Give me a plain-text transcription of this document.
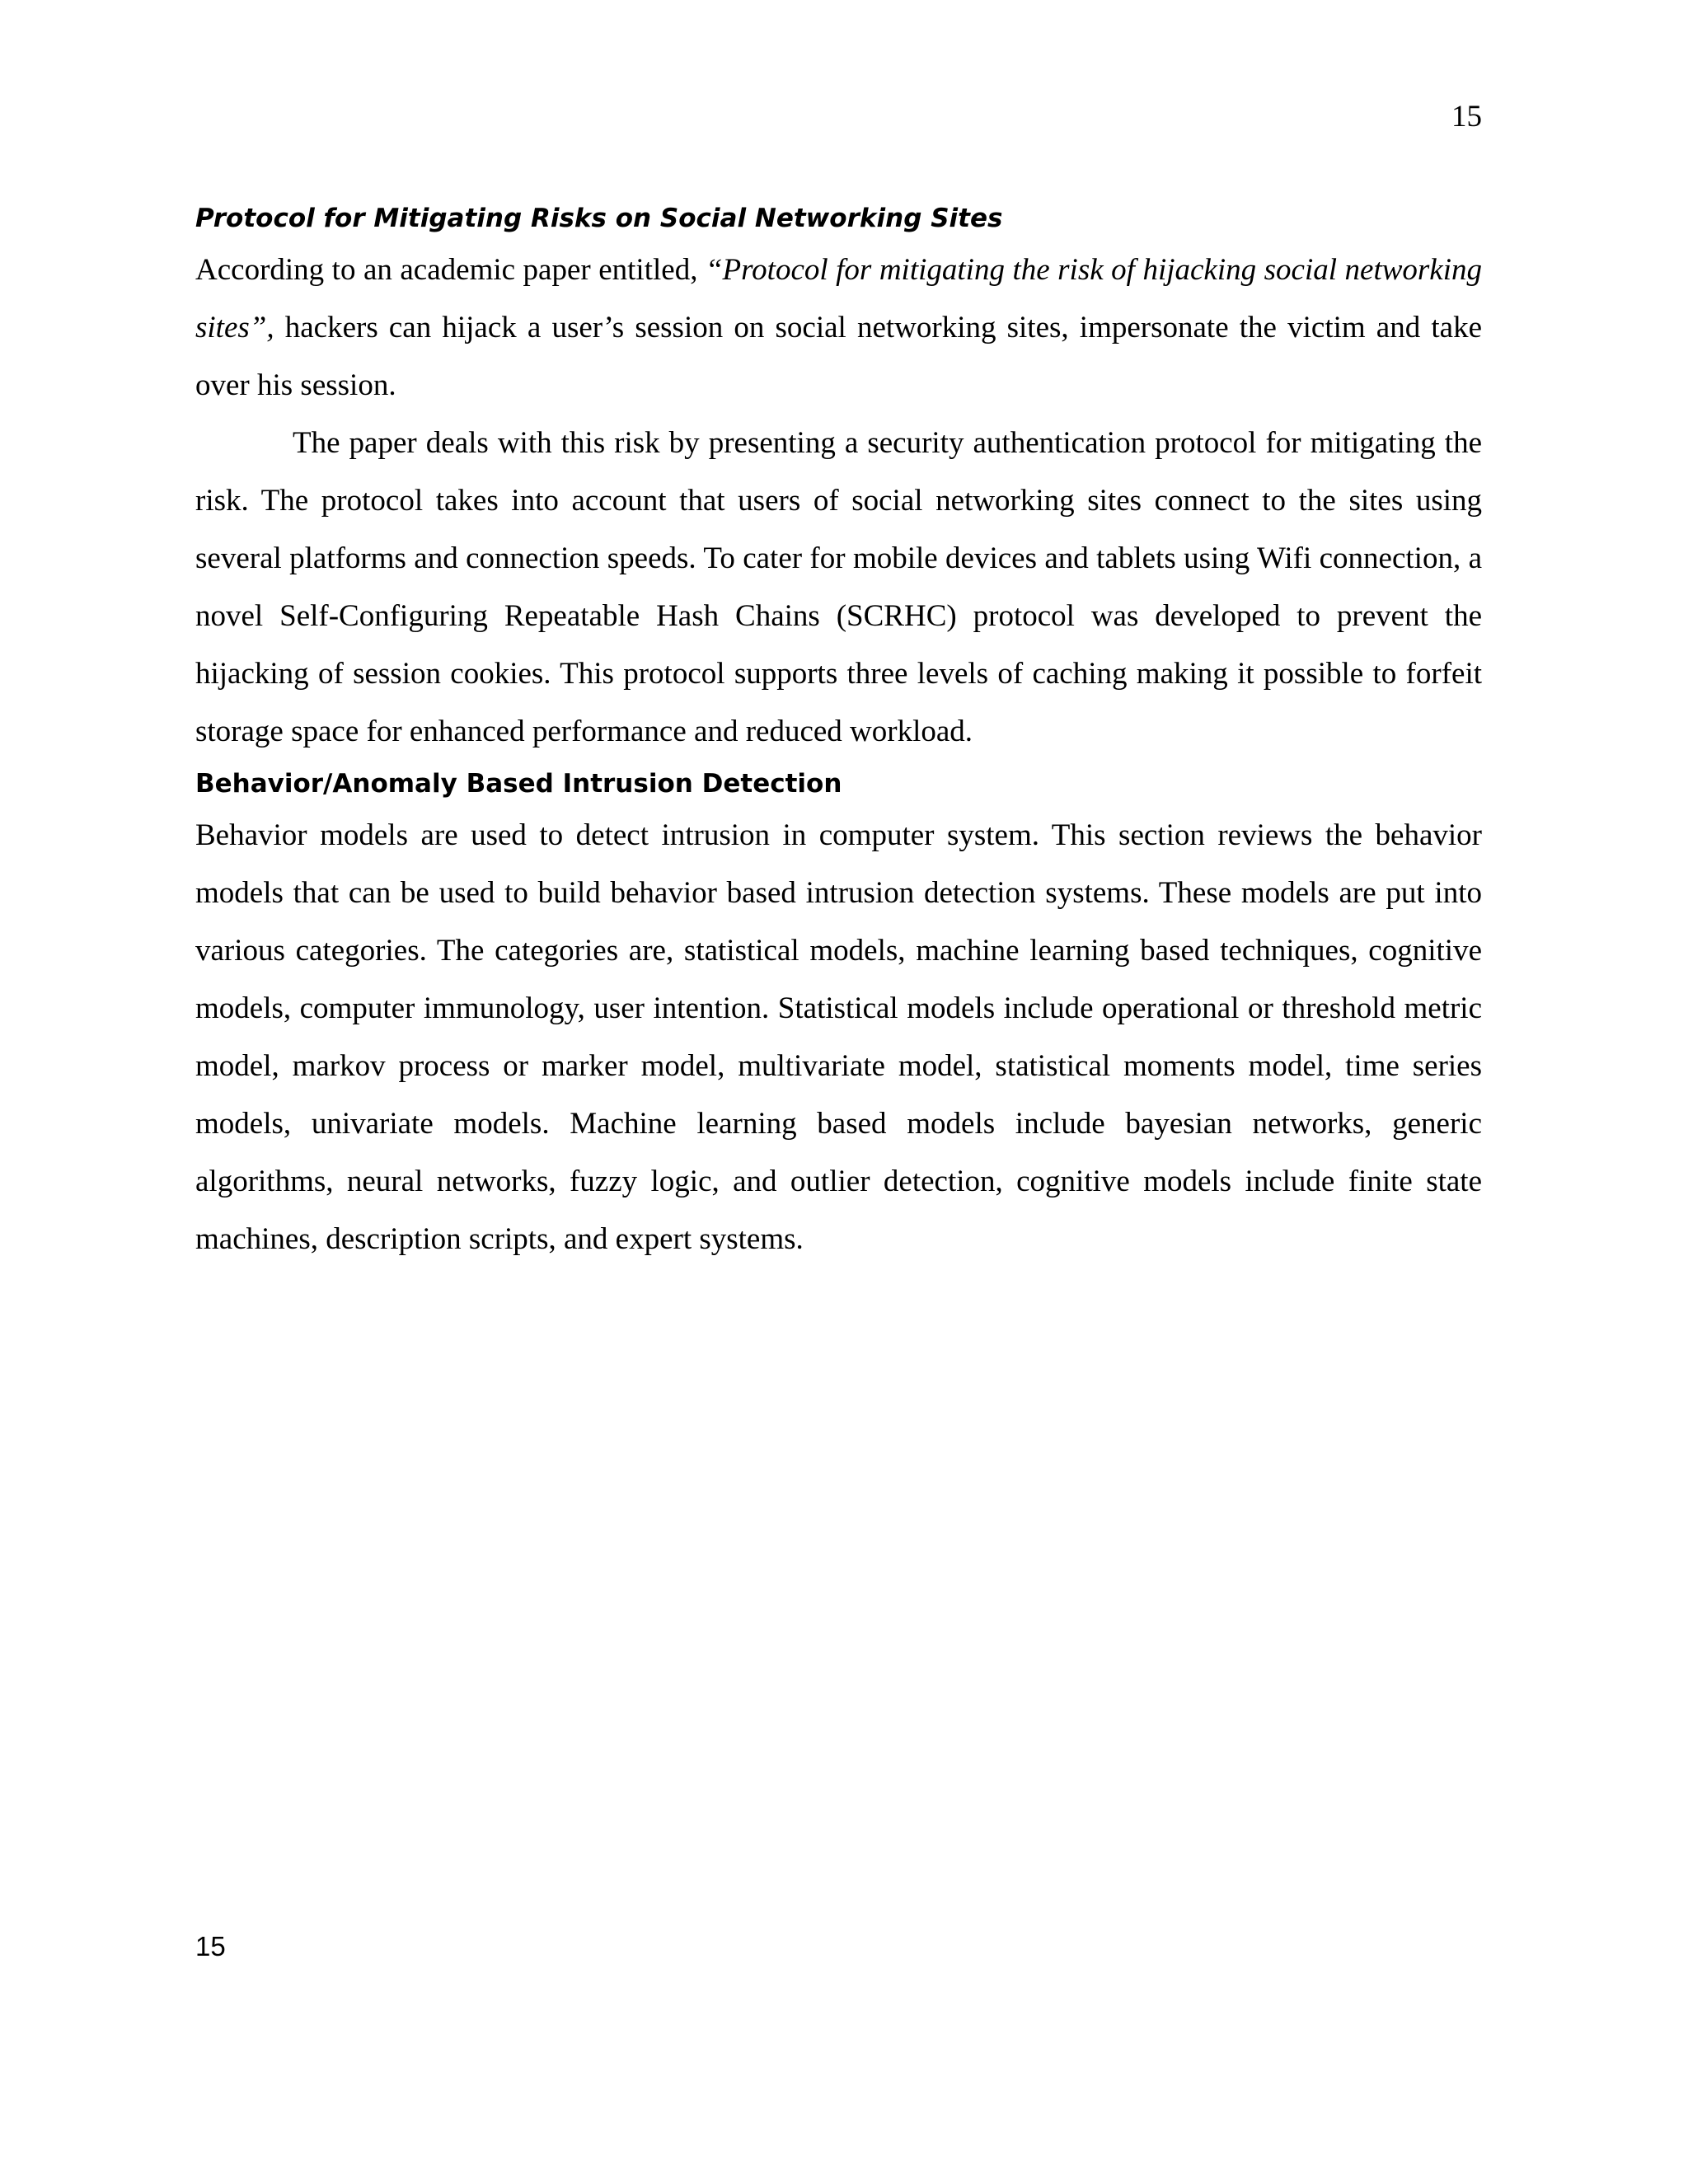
15
Protocol for Mitigating Risks on Social Networking Sites

According to an academic paper entitled, “Protocol for mitigating the risk of hijacking social networking sites”, hackers can hijack a user’s session on social networking sites, impersonate the victim and take over his session.

The paper deals with this risk by presenting a security authentication protocol for mitigating the risk. The protocol takes into account that users of social networking sites connect to the sites using several platforms and connection speeds. To cater for mobile devices and tablets using Wifi connection, a novel Self-Configuring Repeatable Hash Chains (SCRHC) protocol was developed to prevent the hijacking of session cookies. This protocol supports three levels of caching making it possible to forfeit storage space for enhanced performance and reduced workload.

Behavior/Anomaly Based Intrusion Detection

Behavior models are used to detect intrusion in computer system. This section reviews the behavior models that can be used to build behavior based intrusion detection systems. These models are put into various categories. The categories are, statistical models, machine learning based techniques, cognitive models, computer immunology, user intention. Statistical models include operational or threshold metric model, markov process or marker model, multivariate model, statistical moments model, time series models, univariate models. Machine learning based models include bayesian networks, generic algorithms, neural networks, fuzzy logic, and outlier detection, cognitive models include finite state machines, description scripts, and expert systems.

15
